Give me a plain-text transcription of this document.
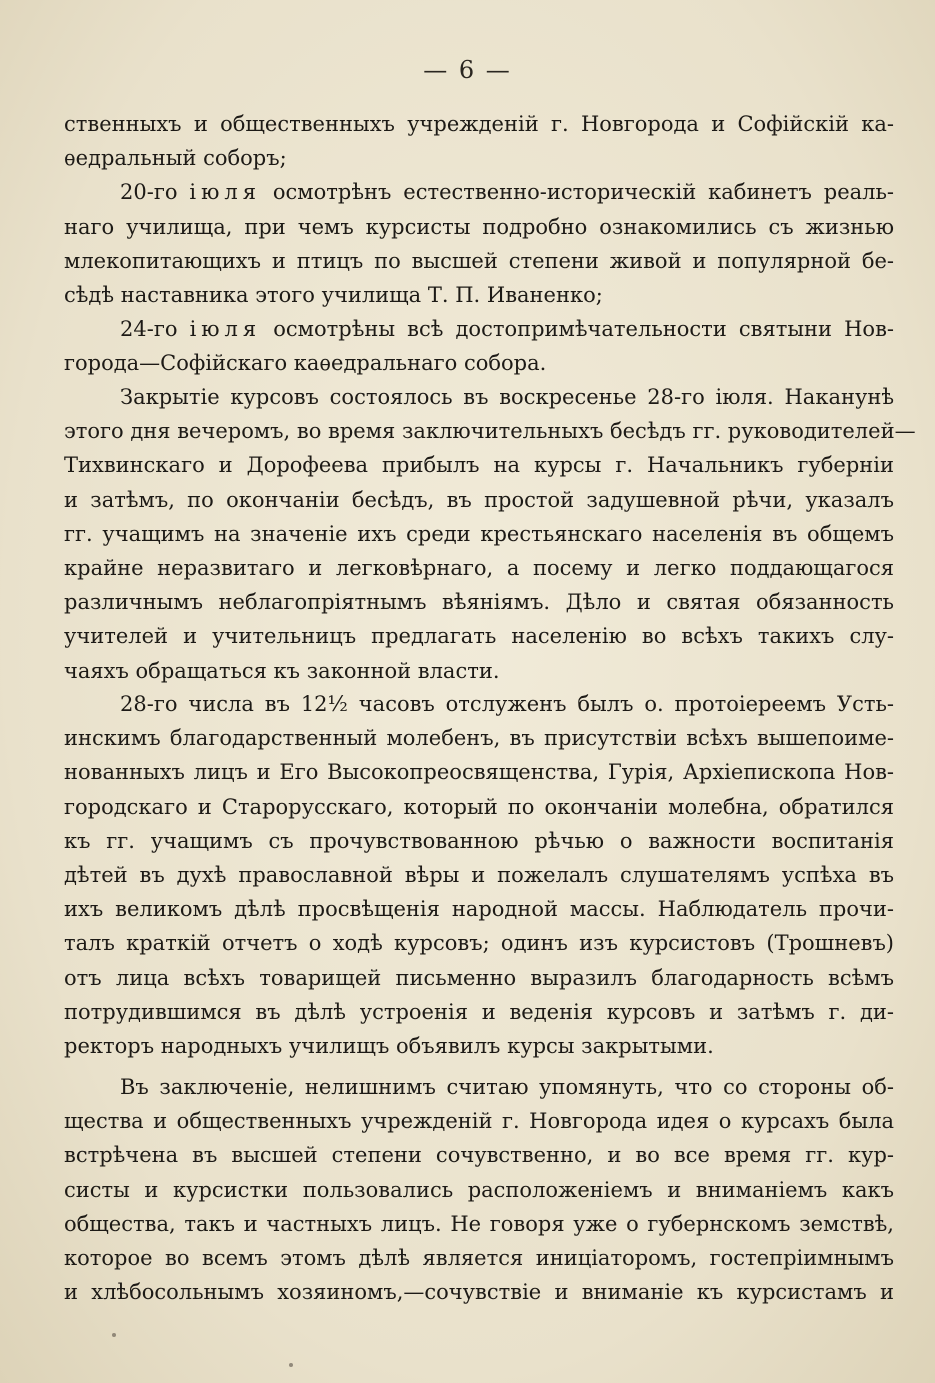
— 6 —
ственныхъ и общественныхъ учрежденій г. Новгорода и Софійскій ка-
ѳедральный соборъ;
20-го іюля осмотрѣнъ естественно-историческій кабинетъ реаль-
наго училища, при чемъ курсисты подробно ознакомились съ жизнью
млекопитающихъ и птицъ по высшей степени живой и популярной бе-
сѣдѣ наставника этого училища Т. П. Иваненко;
24-го іюля осмотрѣны всѣ достопримѣчательности святыни Нов-
города—Софійскаго каѳедральнаго собора.
Закрытіе курсовъ состоялось въ воскресенье 28-го іюля. Наканунѣ
этого дня вечеромъ, во время заключительныхъ бесѣдъ гг. руководителей—
Тихвинскаго и Дорофеева прибылъ на курсы г. Начальникъ губерніи
и затѣмъ, по окончаніи бесѣдъ, въ простой задушевной рѣчи, указалъ
гг. учащимъ на значеніе ихъ среди крестьянскаго населенія въ общемъ
крайне неразвитаго и легковѣрнаго, а посему и легко поддающагося
различнымъ неблагопріятнымъ вѣяніямъ. Дѣло и святая обязанность
учителей и учительницъ предлагать населенію во всѣхъ такихъ слу-
чаяхъ обращаться къ законной власти.
28-го числа въ 12½ часовъ отслуженъ былъ о. протоіереемъ Усть-
инскимъ благодарственный молебенъ, въ присутствіи всѣхъ вышепоиме-
нованныхъ лицъ и Его Высокопреосвященства, Гурія, Архіепископа Нов-
городскаго и Старорусскаго, который по окончаніи молебна, обратился
къ гг. учащимъ съ прочувствованною рѣчью о важности воспитанія
дѣтей въ духѣ православной вѣры и пожелалъ слушателямъ успѣха въ
ихъ великомъ дѣлѣ просвѣщенія народной массы. Наблюдатель прочи-
талъ краткій отчетъ о ходѣ курсовъ; одинъ изъ курсистовъ (Трошневъ)
отъ лица всѣхъ товарищей письменно выразилъ благодарность всѣмъ
потрудившимся въ дѣлѣ устроенія и веденія курсовъ и затѣмъ г. ди-
ректоръ народныхъ училищъ объявилъ курсы закрытыми.
Въ заключеніе, нелишнимъ считаю упомянуть, что со стороны об-
щества и общественныхъ учрежденій г. Новгорода идея о курсахъ была
встрѣчена въ высшей степени сочувственно, и во все время гг. кур-
систы и курсистки пользовались расположеніемъ и вниманіемъ какъ
общества, такъ и частныхъ лицъ. Не говоря уже о губернскомъ земствѣ,
которое во всемъ этомъ дѣлѣ является иниціаторомъ, гостепріимнымъ
и хлѣбосольнымъ хозяиномъ,—сочувствіе и вниманіе къ курсистамъ и
